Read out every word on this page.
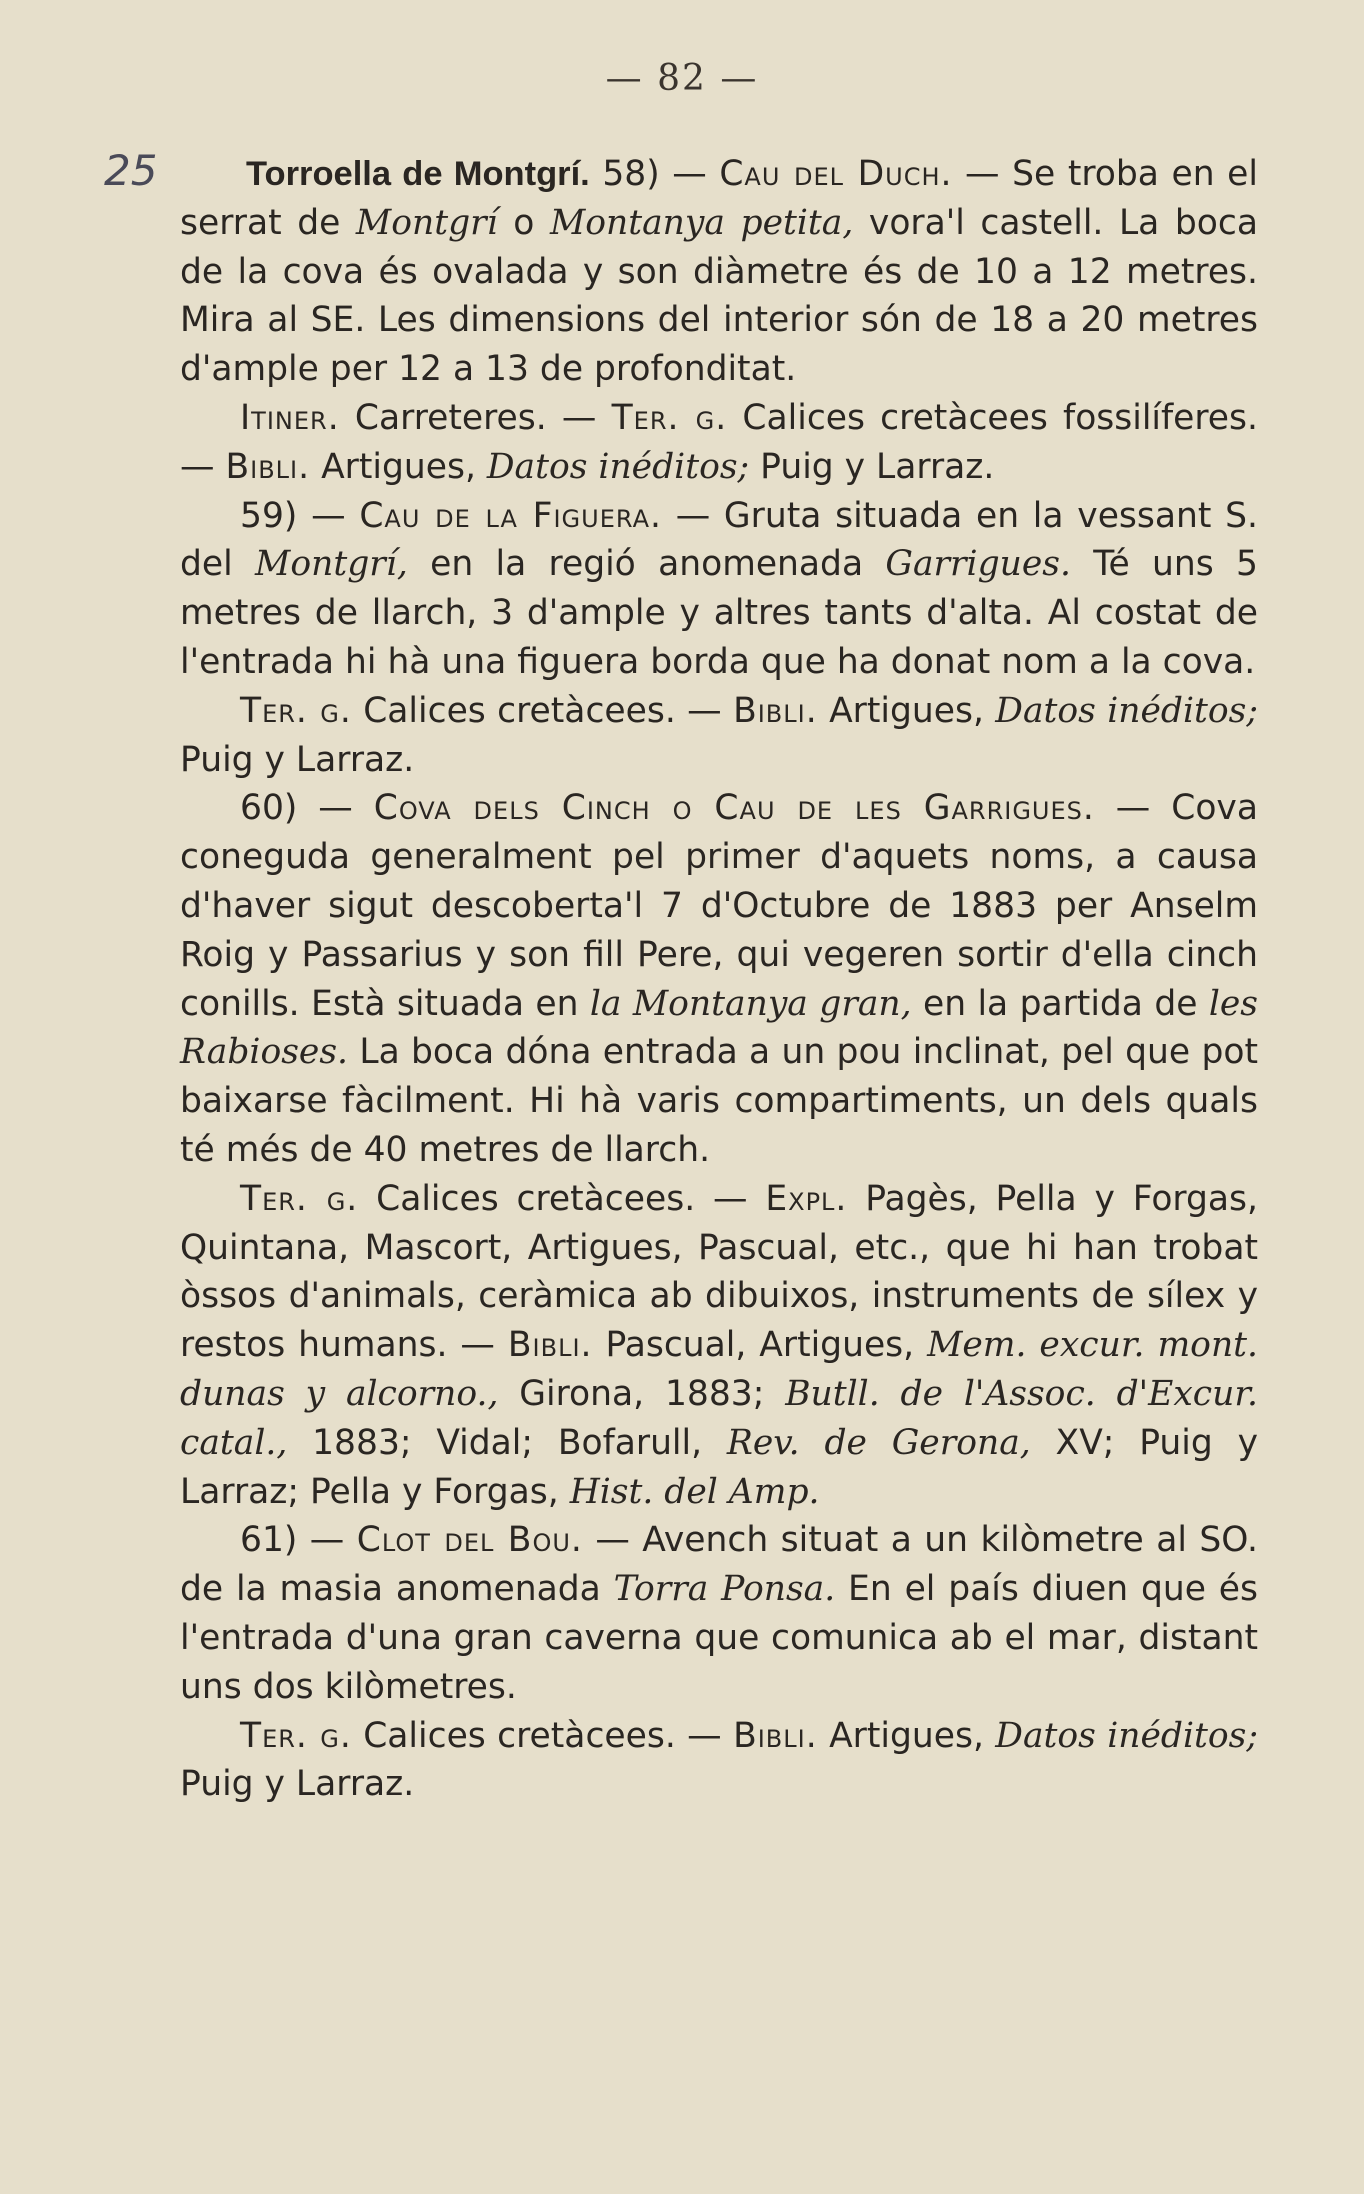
— 82 —
25	Torroella de Montgrí. 58) — Cau del Duch. — Se troba en el serrat de Montgrí o Montanya petita, vora'l castell. La boca de la cova és ovalada y son diàmetre és de 10 a 12 metres. Mira al SE. Les dimensions del interior són de 18 a 20 metres d'ample per 12 a 13 de profonditat.

Itiner. Carreteres. — Ter. g. Calices cretàcees fossilíferes. — Bibli. Artigues, Datos inéditos; Puig y Larraz.

59) — Cau de la Figuera. — Gruta situada en la vessant S. del Montgrí, en la regió anomenada Garrigues. Té uns 5 metres de llarch, 3 d'ample y altres tants d'alta. Al costat de l'entrada hi hà una figuera borda que ha donat nom a la cova.

Ter. g. Calices cretàcees. — Bibli. Artigues, Datos inéditos; Puig y Larraz.

60) — Cova dels Cinch o Cau de les Garrigues. — Cova coneguda generalment pel primer d'aquets noms, a causa d'haver sigut descoberta'l 7 d'Octubre de 1883 per Anselm Roig y Passarius y son fill Pere, qui vegeren sortir d'ella cinch conills. Està situada en la Montanya gran, en la partida de les Rabioses. La boca dóna entrada a un pou inclinat, pel que pot baixarse fàcilment. Hi hà varis compartiments, un dels quals té més de 40 metres de llarch.

Ter. g. Calices cretàcees. — Expl. Pagès, Pella y Forgas, Quintana, Mascort, Artigues, Pascual, etc., que hi han trobat òssos d'animals, ceràmica ab dibuixos, instruments de sílex y restos humans. — Bibli. Pascual, Artigues, Mem. excur. mont. dunas y alcorno., Girona, 1883; Butll. de l'Assoc. d'Excur. catal., 1883; Vidal; Bofarull, Rev. de Gerona, XV; Puig y Larraz; Pella y Forgas, Hist. del Amp.

61) — Clot del Bou. — Avench situat a un kilòmetre al SO. de la masia anomenada Torra Ponsa. En el país diuen que és l'entrada d'una gran caverna que comunica ab el mar, distant uns dos kilòmetres.

Ter. g. Calices cretàcees. — Bibli. Artigues, Datos inéditos; Puig y Larraz.
